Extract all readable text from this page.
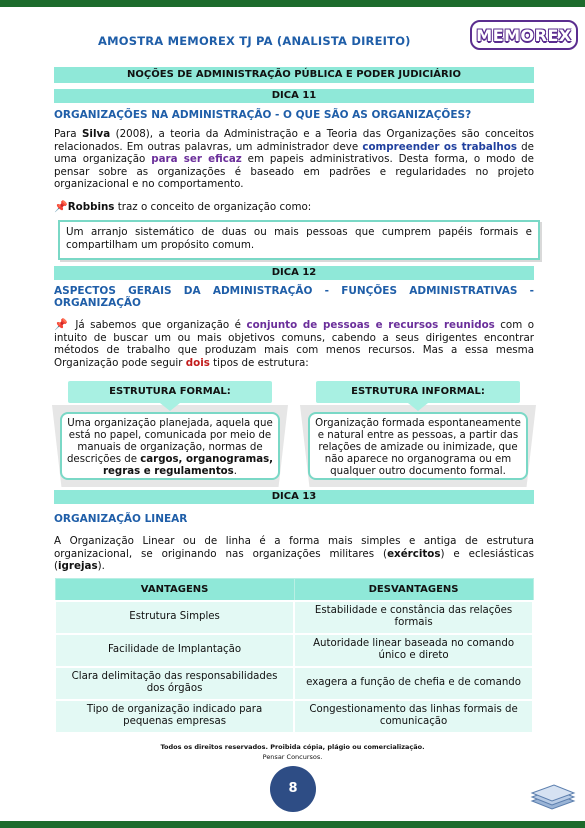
AMOSTRA MEMOREX TJ PA (ANALISTA DIREITO)	MEMOREX
NOÇÕES DE ADMINISTRAÇÃO PÚBLICA E PODER JUDICIÁRIO
DICA 11
ORGANIZAÇÕES NA ADMINISTRAÇÃO - O QUE SÃO AS ORGANIZAÇÕES?
Para Silva (2008), a teoria da Administração e a Teoria das Organizações são conceitos relacionados. Em outras palavras, um administrador deve compreender os trabalhos de uma organização para ser eficaz em papeis administrativos. Desta forma, o modo de pensar sobre as organizações é baseado em padrões e regularidades no projeto organizacional e no comportamento.
📌Robbins traz o conceito de organização como:
Um arranjo sistemático de duas ou mais pessoas que cumprem papéis formais e compartilham um propósito comum.
DICA 12
ASPECTOS GERAIS DA ADMINISTRAÇÃO - FUNÇÕES ADMINISTRATIVAS - ORGANIZAÇÃO
📌 Já sabemos que organização é conjunto de pessoas e recursos reunidos com o intuito de buscar um ou mais objetivos comuns, cabendo a seus dirigentes encontrar métodos de trabalho que produzam mais com menos recursos. Mas a essa mesma Organização pode seguir dois tipos de estrutura:
ESTRUTURA FORMAL:	ESTRUTURA INFORMAL:
Uma organização planejada, aquela que está no papel, comunicada por meio de manuais de organização, normas de descrições de cargos, organogramas, regras e regulamentos.
Organização formada espontaneamente e natural entre as pessoas, a partir das relações de amizade ou inimizade, que não aparece no organograma ou em qualquer outro documento formal.
DICA 13
ORGANIZAÇÃO LINEAR
A Organização Linear ou de linha é a forma mais simples e antiga de estrutura organizacional, se originando nas organizações militares (exércitos) e eclesiásticas (igrejas).
VANTAGENS	DESVANTAGENS
Estrutura Simples	Estabilidade e constância das relações formais
Facilidade de Implantação	Autoridade linear baseada no comando único e direto
Clara delimitação das responsabilidades dos órgãos	exagera a função de chefia e de comando
Tipo de organização indicado para pequenas empresas	Congestionamento das linhas formais de comunicação
Todos os direitos reservados. Proibida cópia, plágio ou comercialização.
Pensar Concursos.
8
